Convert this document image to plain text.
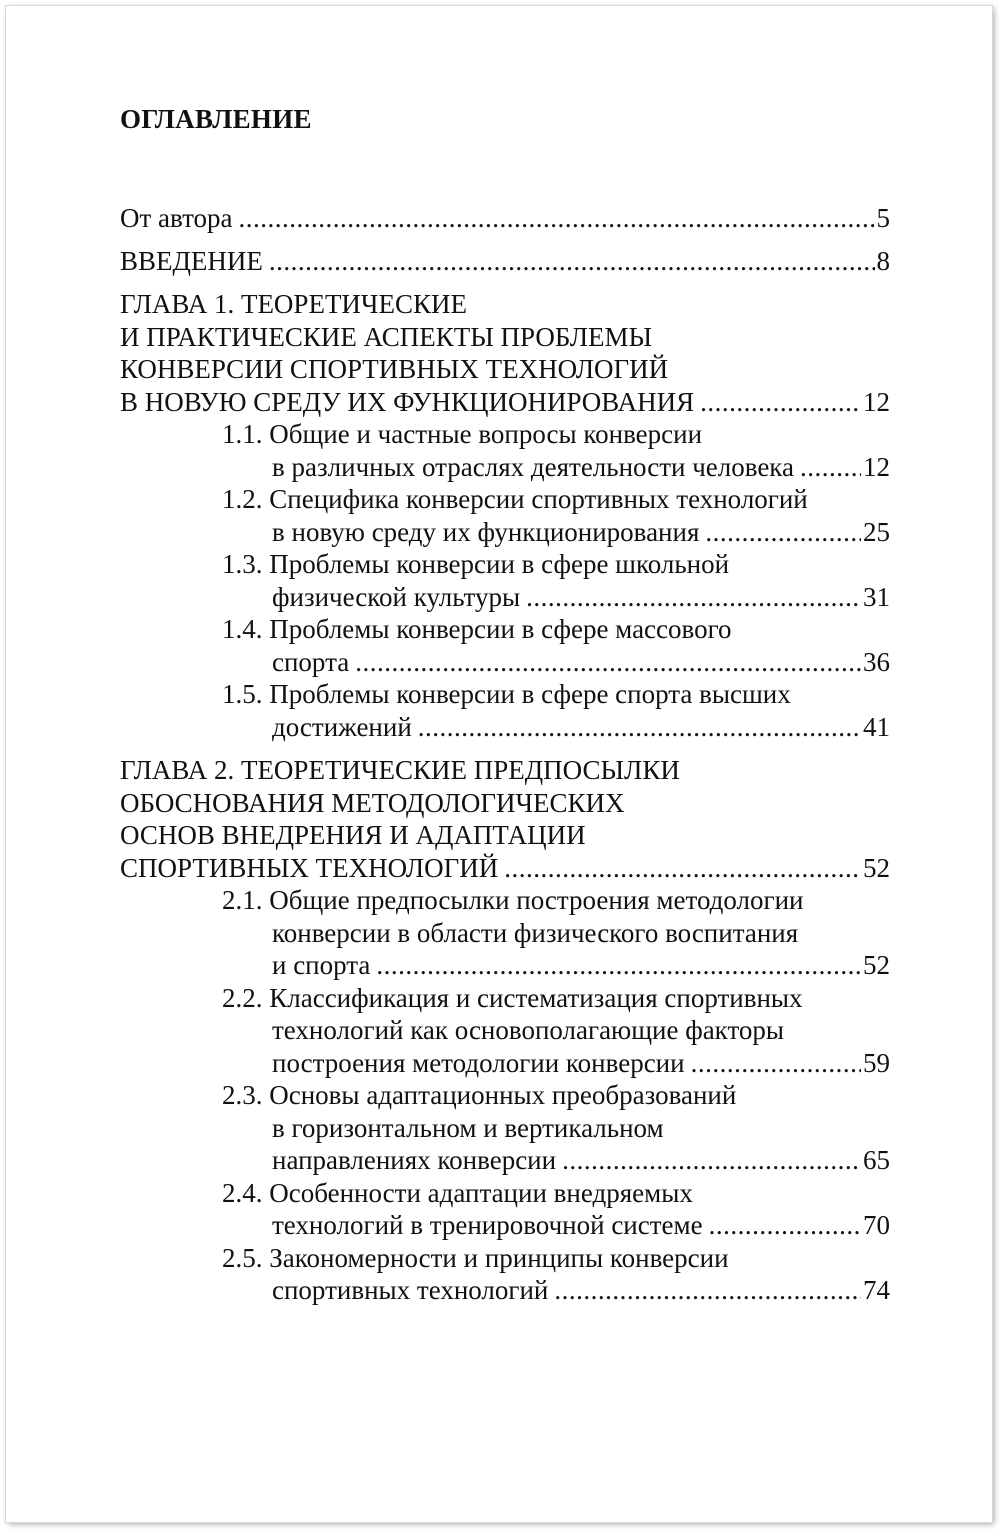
ОГЛАВЛЕНИЕ
От автора .....	5
ВВЕДЕНИЕ .....	8
ГЛАВА 1. ТЕОРЕТИЧЕСКИЕ
И ПРАКТИЧЕСКИЕ АСПЕКТЫ ПРОБЛЕМЫ
КОНВЕРСИИ СПОРТИВНЫХ ТЕХНОЛОГИЙ
В НОВУЮ СРЕДУ ИХ ФУНКЦИОНИРОВАНИЯ .....	12
1.1. Общие и частные вопросы конверсии
в различных отраслях деятельности человека .....	12
1.2. Специфика конверсии спортивных технологий
в новую среду их функционирования .....	25
1.3. Проблемы конверсии в сфере школьной
физической культуры .....	31
1.4. Проблемы конверсии в сфере массового
спорта .....	36
1.5. Проблемы конверсии в сфере спорта высших
достижений .....	41
ГЛАВА 2. ТЕОРЕТИЧЕСКИЕ ПРЕДПОСЫЛКИ
ОБОСНОВАНИЯ МЕТОДОЛОГИЧЕСКИХ
ОСНОВ ВНЕДРЕНИЯ И АДАПТАЦИИ
СПОРТИВНЫХ ТЕХНОЛОГИЙ .....	52
2.1. Общие предпосылки построения методологии
конверсии в области физического воспитания
и спорта .....	52
2.2. Классификация и систематизация спортивных
технологий как основополагающие факторы
построения методологии конверсии .....	59
2.3. Основы адаптационных преобразований
в горизонтальном и вертикальном
направлениях конверсии .....	65
2.4. Особенности адаптации внедряемых
технологий в тренировочной системе .....	70
2.5. Закономерности и принципы конверсии
спортивных технологий .....	74
